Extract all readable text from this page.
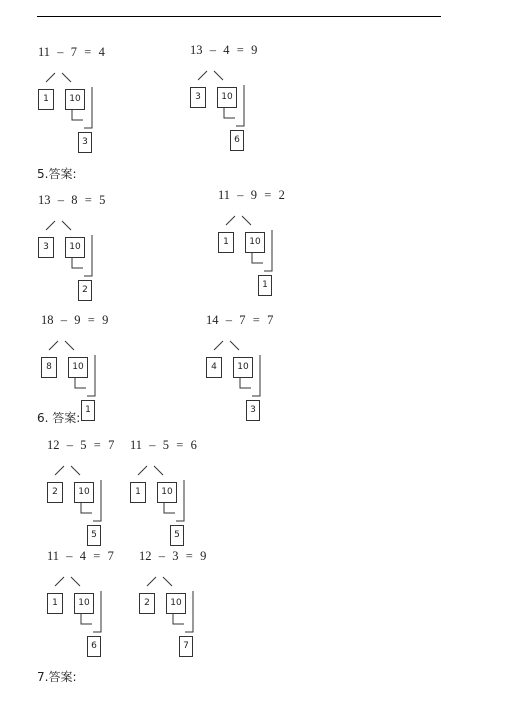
5.答案:
6. 答案:
7.答案:
11 – 7 = 4
1	10
3
13 – 4 = 9
3	10
6
13 – 8 = 5
3	10
2
11 – 9 = 2
1	10
1
18 – 9 = 9
8	10
1
14 – 7 = 7
4	10
3
12 – 5 = 7
2	10
5
11 – 5 = 6
1	10
5
11 – 4 = 7
1	10
6
12 – 3 = 9
2	10
7
